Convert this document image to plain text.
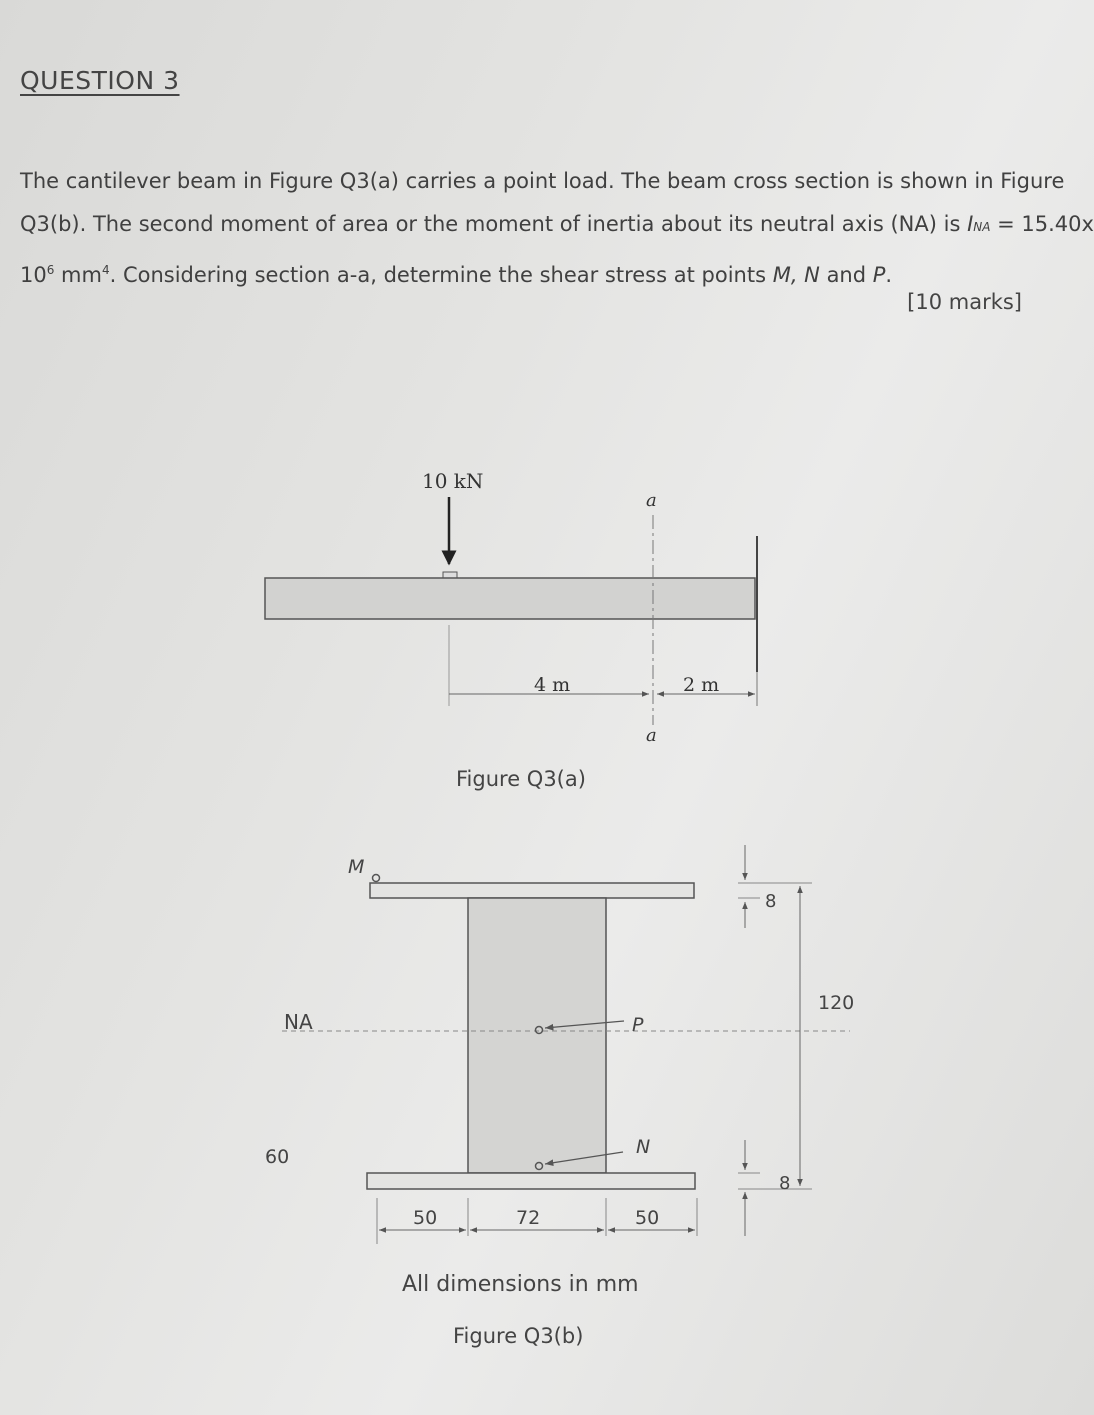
QUESTION 3

The cantilever beam in Figure Q3(a) carries a point load. The beam cross section is shown in Figure

Q3(b). The second moment of area or the moment of inertia about its neutral axis (NA) is INA = 15.40x

$10^6$ $mm^4$. Considering section a-a, determine the shear stress at points M, N and P.

[10 marks]
10 kN
a
a
4 m	2 m
Figure Q3(a)
M
NA	P
N
60
8
120
8
50	72	50
All dimensions in mm
Figure Q3(b)
